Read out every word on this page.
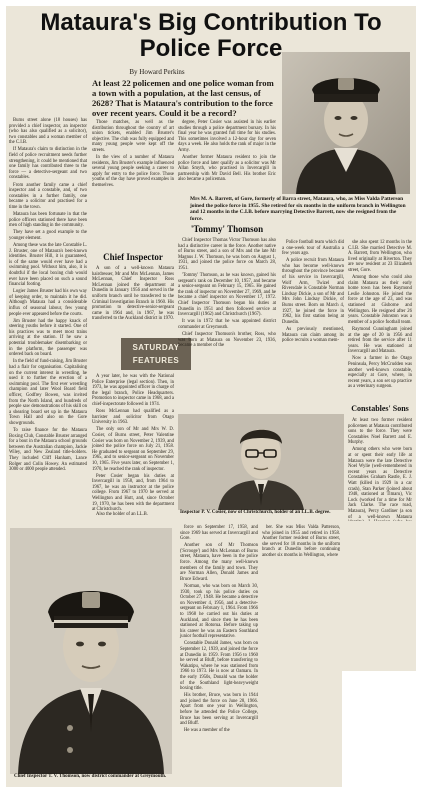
Mataura's Big Contribution To Police Force

Mrs M. A. Barrett, of Gore, formerly of Barra street, Mataura, who, as Miss Valda Patterson joined the police force in 1955. She retired for six months in the uniform branch in Wellington and 12 months in the C.I.B. before marrying Detective Barrett, now she resigned from the force.

By Howard Perkins

At least 22 policemen and one police woman from a town with a population, at the last census, of 2628? That is Mataura's contribution to the force over recent years. Could it be a record?

Burns street alone (18 houses) has provided a chief inspector, an inspector (who has also qualified as a solicitor), two constables and a woman member of the C.I.B.

If Mataura's claim to distinction in the field of police recruitment needs further strengthening, it could be mentioned that one family has contributed three to the force — a detective-sergeant and two constables.

From another family came a chief inspector and a constable, and, of two constables in a further family, one became a solicitor and practised for a time in the town.

Mataura has been fortunate in that the police officers stationed there have been men of high standing in the community.

They have set a good example to the younger element.

Among these was the late Constable L. J. Bruster, one of Mataura's best-known identities. Bruster Hill, it is guaranteed, is of the same would ever have had a swimming pool. Without him, also, it is doubtful if the local boxing club would ever have been placed on such a sound financial footing.

Logier James Bruster had his own way of keeping order, to maintain it he did. Although Mataura had a considerable influx of seasonal labour, few young people ever appeared before the courts.

Jim Bruster had the happy knack of steering youths before it started. One of his practices was to meet most trains arriving at the station. If he saw a potential troublemaker disembarking or in the platform, the passenger was ordered back on board.

In the field of fund-raising, Jim Bruster had a flair for organisation. Capitalising on the current interest in wrestling, he used it to further the erection of a swimming pool. The first ever wrestling champion and later Wool Board field officer, Godfrey Bowen, was invited from the North Island, and hundreds of people saw demonstrations of his skill on a shearing board set up in the Mataura Town Hall and also on the Gore showgrounds.

To raise finance for the Mataura Boxing Club, Constable Bruster arranged for a bout in the Mataura school grounds between the Australian champion, Jackie Wiley, and New Zealand title-holders. They included Cliff Hanham, Lance Rolger and Colin Howey. An estimated 3000 or 4000 people attended.

Those matches, as well as the distribution throughout the country of art union tickets, enabled Jim Bruster's objective. The club was fully equipped and many young people were kept off the streets.

In the view of a number of Mataura residents, Jim Bruster's example influenced several young people seeking a career to apply for entry to the police force. Those youths of the day have proved examples in themselves.

Chief Inspector

A son of a well-known Mataura hairdresser, Mr and Mrs McLennan, James McLennan, Chief Inspector Ross McLennan joined the department at Dunedin in January 1956 and served in the uniform branch until he transferred to the Criminal Investigation Branch in 1960. His promotion to detective-senior-sergeant came in 1964 and, in 1967, he was transferred to the Auckland district in 1970.

SATURDAY FEATURES

A year later, he was with the National Police Enterprise (legal section). Then, in 1973, he was appointed officer in charge of the legal branch, Police Headquarters. Promotion to inspector came in 1968, and a chief-inspectorate followed in 1974.

Ross McLennan had qualified as a barrister and solicitor from Otago University in 1963.

The only son of Mr and Mrs W. D. Cosier, of Burns street, Peter Valentine Cosier was born on November 2, 1939, and joined the police force on July 21, 1958. He graduated to sergeant on September 29, 1965, and to senior-sergeant on November 10, 1965. Five years later, on September 1, 1970, he reached the rank of inspector.

Peter Cosier began his duties at Invercargill in 1958, and, from 1964 to 1967, he was an instructor at the police college. From 1967 to 1970 he served at Wellington and Hutt, and, since October 19, 1970, he has been with the department at Christchurch.

Also the holder of an LL.B.

degree, Peter Cosier was assisted in his earlier studies through a police department bursary. In his final year he was granted full time for his studies. This sometimes involved a 12-hour day for seven days a week. He also holds the rank of major in the Army.

Another former Mataura resident to join the police force and later qualify as a solicitor was Mr Allan Smyth, who practised in Invercargill in partnership with Mr David Bell. His brother Eric also became a policeman.

'Tommy' Thomson

Chief Inspector Thomas Victor Thomson has also had a distinctive career in the force. Another native of Burns street, and a son of Mrs and the late Mr Magnus J. W. Thomson, he was born on August 1, 1931, and joined the police force on March 28, 1951.

'Tommy' Thomson, as he was known, gained his sergeant's rank on December 10, 1957, and became a senior-sergeant on February 15, 1965. He gained the rank of inspector on November 27, 1969, and he became a chief inspector on November 17, 1972. Chief Inspector Thomson began his duties at Dunedin in 1951 and then followed service at Invercargill (1962) and Christchurch (1967).

It was in 1972 that he was appointed district commander at Greymouth.

Chief Inspector Thomson's brother, Ross, who was born at Mataura on November 23, 1936, became a member of the

Police football team which did a one-week tour of Australia a few years ago.

A police recruit from Mataura who has become well-known throughout the province because of his service in Invercargill, Wolf Arm, Twizel and Riversdale is Constable Norman Lindsay Dickie, a son of Mr and Mrs John Lindsay Dickie, of Burns street. Born on March 4, 1927, he joined the force in 1962, his first station being at Dunedin.

As previously mentioned, Mataura can claim among its police recruits a woman mem-

she also spent 12 months in the C.I.B. She married Detective M. A. Barrett, from Wellington, who lived originally at Riverton. They are now resident at 23 Elizabeth street, Gore.

Among those who could also claim Mataura as their early home town has been Raymond Leslie Johnston. He joined the force at the age of 23, and was stationed at Gisborne and Wellington. He resigned after 26 years. Constable Johnston was a member of a police football team.

Raymond Cunningham joined at the age of 20 in 1956 and retired from the service after 11 years. He was stationed at Invercargill and Mataura.

Now a farmer in the Otago Peninsula, Percy McCrudden was another well-known constable, especially at Gore, where, in recent years, a son set up practice as a veterinary surgeon.

Constables' Sons

At least two former resident policemen at Mataura contributed sons to the force. They were Constables Noel Barrett and E. Murphy.

Among others who were born at or spent their early life at Mataura were the late Detective Noel Wylie (well-remembered in recent years as Detective Constables Graham Rastle, E. J. Watt (killed in 1929 in a car crash), Stan Parker (joined about 1948, stationed at Timaru), Vic Lock (worked for a time for Mr Jack Clarke. The race road, Mataura), Percy Gardiner (a son of a well-known Mataura

Inspector P. V. Cosier, now of Christchurch, holder of an LL.B. degree.

Chief Inspector T. V. Thomson, now district commander at Greymouth.

force on September 17, 1958, and since 1969 has served at Invercargill and Gore.

Another son of Mr Thomson ('Scrooge') and Mrs McLennan of Burns street, Mataura, have been in the police force. Among the many well-known members of the family and town. They are Norman Allen, Donald James and Bruce Edward.

Norman, who was born on March 30, 1930, took up his police duties on October 27, 1948. He became a detective on November 4, 1956, and a detective-sergeant on February 1, 1964. From 1966 to 1968 he carried out his duties at Auckland, and since then he has been stationed at Rotorua. Before taking up his career he was an Eastern Southland junior football representative.

Constable Donald James, was born on September 12, 1939, and joined the force at Dunedin in 1959. From 1956 to 1960 he served at Bluff, before transferring to Wakatipu, where he was stationed from 1966 to 1973. He is now at Oamaru. In the early 1950s, Donald was the holder of the Southland light-heavyweight boxing title.

His brother, Bruce, was born in 1944 and joined the force on June 28, 1966. Apart from one year in Wellington, before he attended the Police College, Bruce has been serving at Invercargill and Bluff.

He was a member of the

ber. She was Miss Valda Patterson, who joined in 1955 and retired in 1958. Another former resident of Burns street, she served for 18 months in the uniform branch at Dunedin before continuing another six months in Wellington, where
